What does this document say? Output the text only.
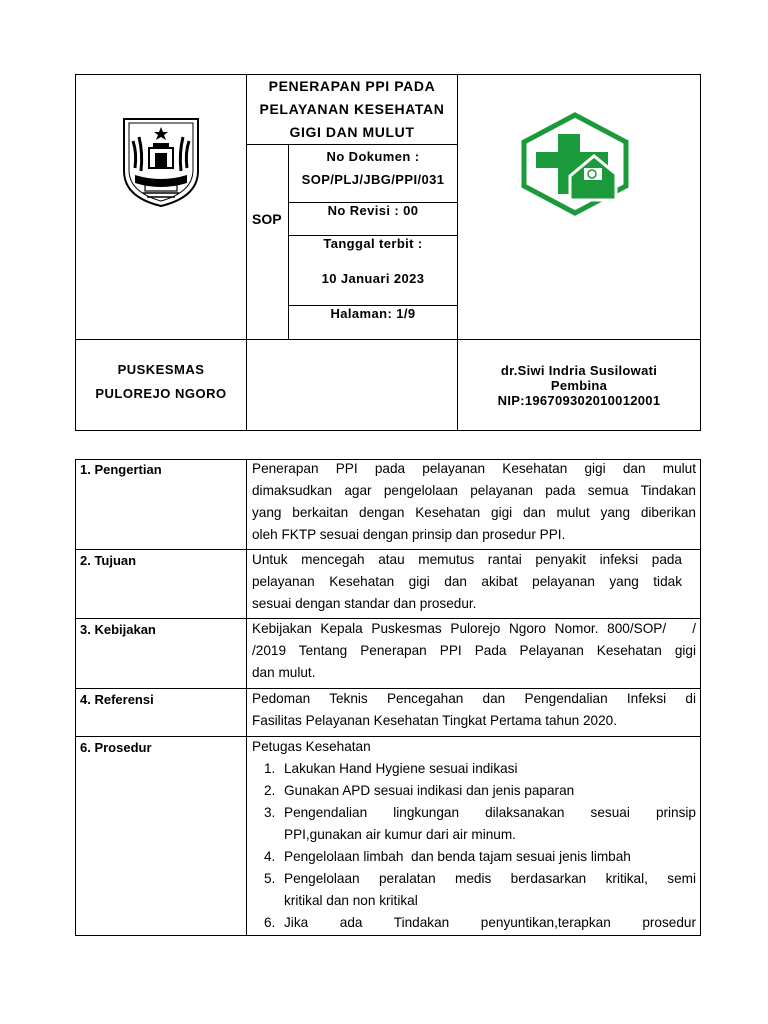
PENERAPAN PPI PADA
PELAYANAN KESEHATAN
GIGI DAN MULUT
SOP
No Dokumen :
SOP/PLJ/JBG/PPI/031
No Revisi : 00
Tanggal terbit :
10 Januari 2023
Halaman: 1/9
PUSKESMAS
PULOREJO NGORO
dr.Siwi Indria Susilowati
Pembina
NIP:196709302010012001
1. Pengertian	Penerapan PPI pada pelayanan Kesehatan gigi dan mulut
dimaksudkan agar pengelolaan pelayanan pada semua Tindakan
yang berkaitan dengan Kesehatan gigi dan mulut yang diberikan
oleh FKTP sesuai dengan prinsip dan prosedur PPI.
2. Tujuan	Untuk mencegah atau memutus rantai penyakit infeksi pada
pelayanan Kesehatan gigi dan akibat pelayanan yang tidak
sesuai dengan standar dan prosedur.
3. Kebijakan	Kebijakan Kepala Puskesmas Pulorejo Ngoro Nomor. 800/SOP/   /
/2019 Tentang Penerapan PPI Pada Pelayanan Kesehatan gigi
dan mulut.
4. Referensi	Pedoman Teknis Pencegahan dan Pengendalian Infeksi di
Fasilitas Pelayanan Kesehatan Tingkat Pertama tahun 2020.
6. Prosedur	Petugas Kesehatan
1. Lakukan Hand Hygiene sesuai indikasi
2. Gunakan APD sesuai indikasi dan jenis paparan
3. Pengendalian lingkungan dilaksanakan sesuai prinsip
PPI,gunakan air kumur dari air minum.
4. Pengelolaan limbah  dan benda tajam sesuai jenis limbah
5. Pengelolaan peralatan medis berdasarkan kritikal, semi
kritikal dan non kritikal
6. Jika ada Tindakan penyuntikan,terapkan prosedur
